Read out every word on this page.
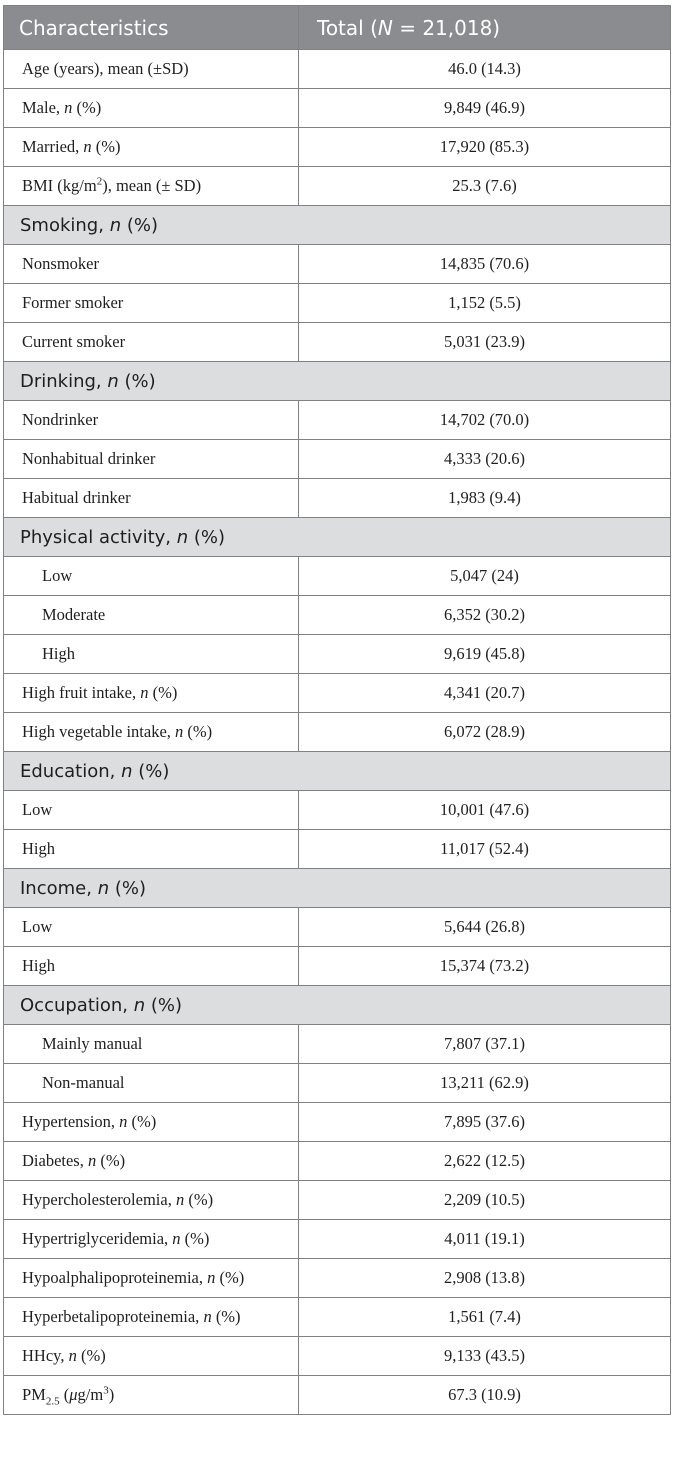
Characteristics	Total (N = 21,018)
Age (years), mean (±SD)	46.0 (14.3)
Male, n (%)	9,849 (46.9)
Married, n (%)	17,920 (85.3)
BMI $(kg/m^2)$, mean (± SD)	25.3 (7.6)
Smoking, n (%)	
Nonsmoker	14,835 (70.6)
Former smoker	1,152 (5.5)
Current smoker	5,031 (23.9)
Drinking, n (%)	
Nondrinker	14,702 (70.0)
Nonhabitual drinker	4,333 (20.6)
Habitual drinker	1,983 (9.4)
Physical activity, n (%)	
Low	5,047 (24)
Moderate	6,352 (30.2)
High	9,619 (45.8)
High fruit intake, n (%)	4,341 (20.7)
High vegetable intake, n (%)	6,072 (28.9)
Education, n (%)	
Low	10,001 (47.6)
High	11,017 (52.4)
Income, n (%)	
Low	5,644 (26.8)
High	15,374 (73.2)
Occupation, n (%)	
Mainly manual	7,807 (37.1)
Non-manual	13,211 (62.9)
Hypertension, n (%)	7,895 (37.6)
Diabetes, n (%)	2,622 (12.5)
Hypercholesterolemia, n (%)	2,209 (10.5)
Hypertriglyceridemia, n (%)	4,011 (19.1)
Hypoalphalipoproteinemia, n (%)	2,908 (13.8)
Hyperbetalipoproteinemia, n (%)	1,561 (7.4)
HHcy, n (%)	9,133 (43.5)
$PM_{2.5}$ $(\mu g/m^3)$	67.3 (10.9)
